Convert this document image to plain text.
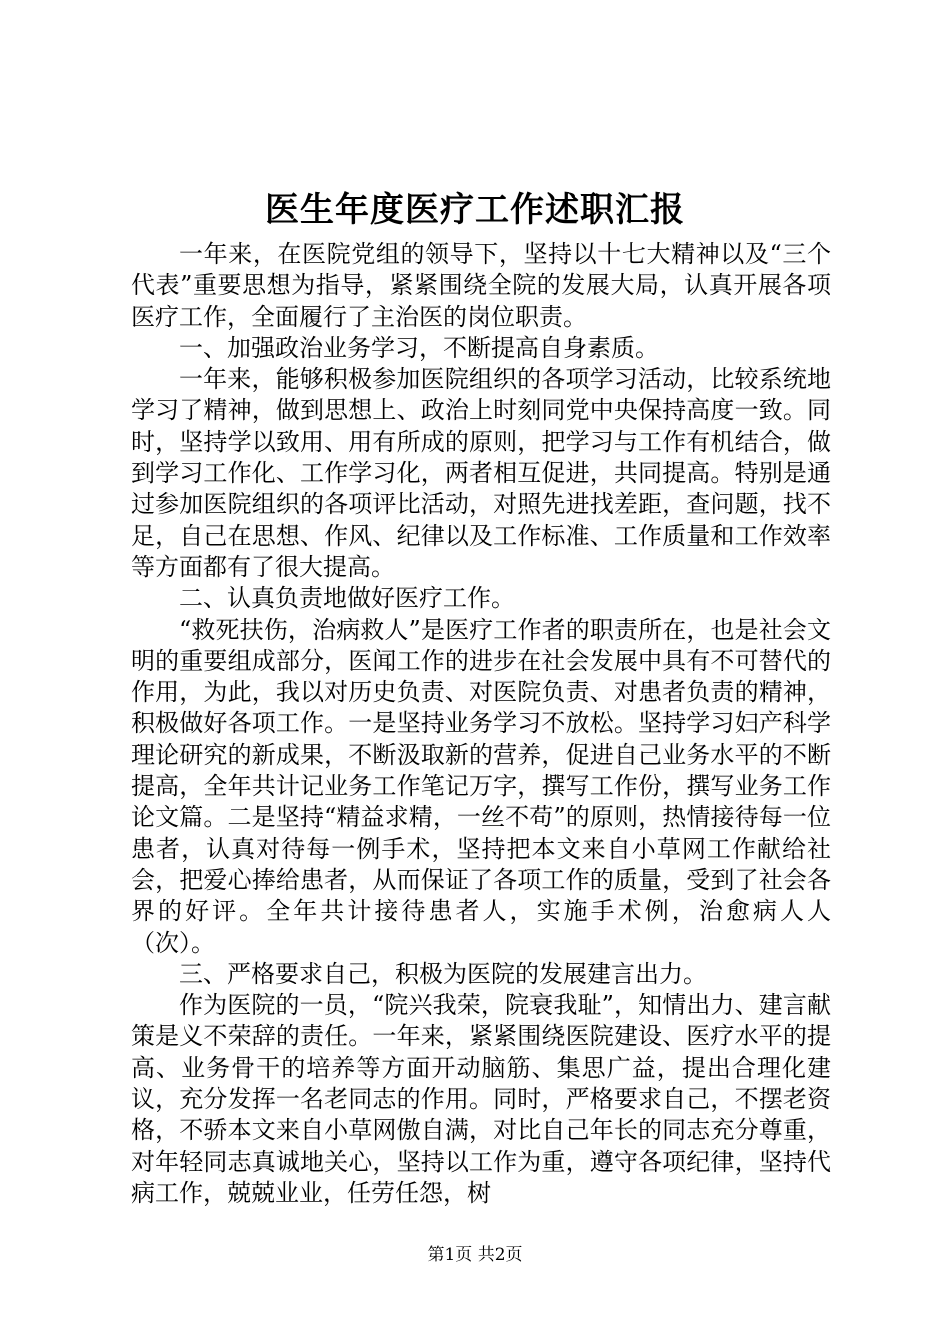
医生年度医疗工作述职汇报

一年来，在医院党组的领导下，坚持以十七大精神以及“三个代表”重要思想为指导，紧紧围绕全院的发展大局，认真开展各项医疗工作，全面履行了主治医的岗位职责。

一、加强政治业务学习，不断提高自身素质。

一年来，能够积极参加医院组织的各项学习活动，比较系统地学习了精神，做到思想上、政治上时刻同党中央保持高度一致。同时，坚持学以致用、用有所成的原则，把学习与工作有机结合，做到学习工作化、工作学习化，两者相互促进，共同提高。特别是通过参加医院组织的各项评比活动，对照先进找差距，查问题，找不足，自己在思想、作风、纪律以及工作标准、工作质量和工作效率等方面都有了很大提高。

二、认真负责地做好医疗工作。

“救死扶伤，治病救人”是医疗工作者的职责所在，也是社会文明的重要组成部分，医闻工作的进步在社会发展中具有不可替代的作用，为此，我以对历史负责、对医院负责、对患者负责的精神，积极做好各项工作。一是坚持业务学习不放松。坚持学习妇产科学理论研究的新成果，不断汲取新的营养，促进自己业务水平的不断提高，全年共计记业务工作笔记万字，撰写工作份，撰写业务工作论文篇。二是坚持“精益求精，一丝不苟”的原则，热情接待每一位患者，认真对待每一例手术，坚持把本文来自小草网工作献给社会，把爱心捧给患者，从而保证了各项工作的质量，受到了社会各界的好评。全年共计接待患者人，实施手术例，治愈病人人（次）。

三、严格要求自己，积极为医院的发展建言出力。

作为医院的一员，“院兴我荣，院衰我耻”，知情出力、建言献策是义不荣辞的责任。一年来，紧紧围绕医院建设、医疗水平的提高、业务骨干的培养等方面开动脑筋、集思广益，提出合理化建议，充分发挥一名老同志的作用。同时，严格要求自己，不摆老资格，不骄本文来自小草网傲自满，对比自己年长的同志充分尊重，对年轻同志真诚地关心，坚持以工作为重，遵守各项纪律，坚持代病工作，兢兢业业，任劳任怨，树

第1页 共2页
